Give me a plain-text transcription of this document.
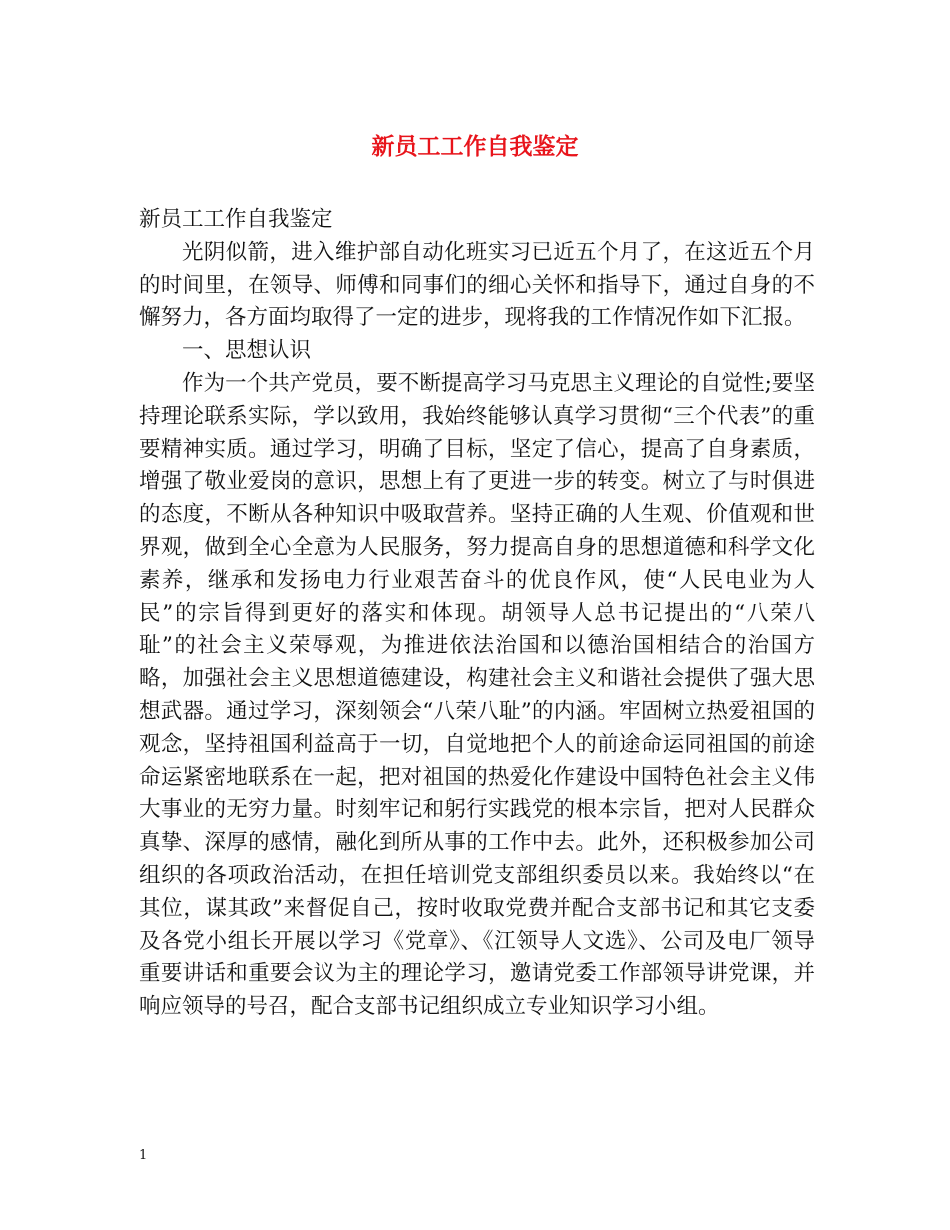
新员工工作自我鉴定

新员工工作自我鉴定

光阴似箭，进入维护部自动化班实习已近五个月了，在这近五个月的时间里，在领导、师傅和同事们的细心关怀和指导下，通过自身的不懈努力，各方面均取得了一定的进步，现将我的工作情况作如下汇报。

一、思想认识

作为一个共产党员，要不断提高学习马克思主义理论的自觉性;要坚持理论联系实际，学以致用，我始终能够认真学习贯彻“三个代表”的重要精神实质。通过学习，明确了目标，坚定了信心，提高了自身素质，增强了敬业爱岗的意识，思想上有了更进一步的转变。树立了与时俱进的态度，不断从各种知识中吸取营养。坚持正确的人生观、价值观和世界观，做到全心全意为人民服务，努力提高自身的思想道德和科学文化素养，继承和发扬电力行业艰苦奋斗的优良作风，使“人民电业为人民”的宗旨得到更好的落实和体现。胡领导人总书记提出的“八荣八耻”的社会主义荣辱观，为推进依法治国和以德治国相结合的治国方略，加强社会主义思想道德建设，构建社会主义和谐社会提供了强大思想武器。通过学习，深刻领会“八荣八耻”的内涵。牢固树立热爱祖国的观念，坚持祖国利益高于一切，自觉地把个人的前途命运同祖国的前途命运紧密地联系在一起，把对祖国的热爱化作建设中国特色社会主义伟大事业的无穷力量。时刻牢记和躬行实践党的根本宗旨，把对人民群众真挚、深厚的感情，融化到所从事的工作中去。此外，还积极参加公司组织的各项政治活动，在担任培训党支部组织委员以来。我始终以“在其位，谋其政”来督促自己，按时收取党费并配合支部书记和其它支委及各党小组长开展以学习《党章》、《江领导人文选》、公司及电厂领导重要讲话和重要会议为主的理论学习，邀请党委工作部领导讲党课，并响应领导的号召，配合支部书记组织成立专业知识学习小组。

1
